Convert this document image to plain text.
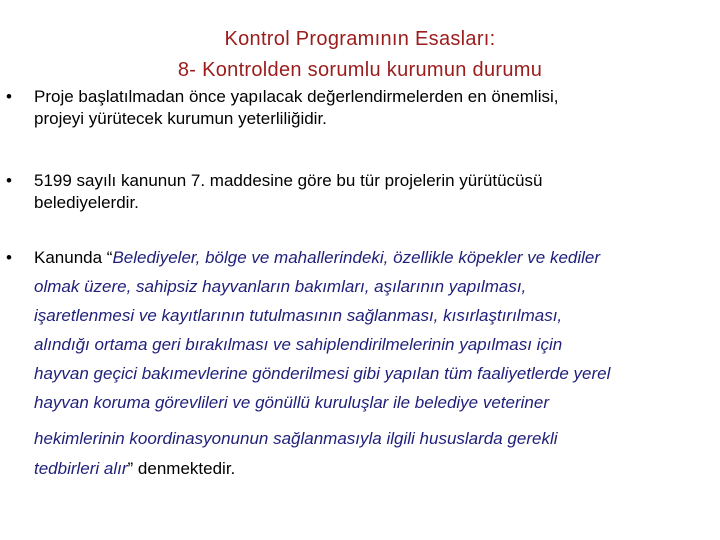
Kontrol Programının Esasları:
8- Kontrolden sorumlu kurumun durumu
• Proje başlatılmadan önce yapılacak değerlendirmelerden en önemlisi,
projeyi yürütecek kurumun yeterliliğidir.
• 5199 sayılı kanunun 7. maddesine göre bu tür projelerin yürütücüsü
belediyelerdir.
• Kanunda “Belediyeler, bölge ve mahallerindeki, özellikle köpekler ve kediler
olmak üzere, sahipsiz hayvanların bakımları, aşılarının yapılması,
işaretlenmesi ve kayıtlarının tutulmasının sağlanması, kısırlaştırılması,
alındığı ortama geri bırakılması ve sahiplendirilmelerinin yapılması için
hayvan geçici bakımevlerine gönderilmesi gibi yapılan tüm faaliyetlerde yerel
hayvan koruma görevlileri ve gönüllü kuruluşlar ile belediye veteriner
hekimlerinin koordinasyonunun sağlanmasıyla ilgili hususlarda gerekli
tedbirleri alır” denmektedir.
